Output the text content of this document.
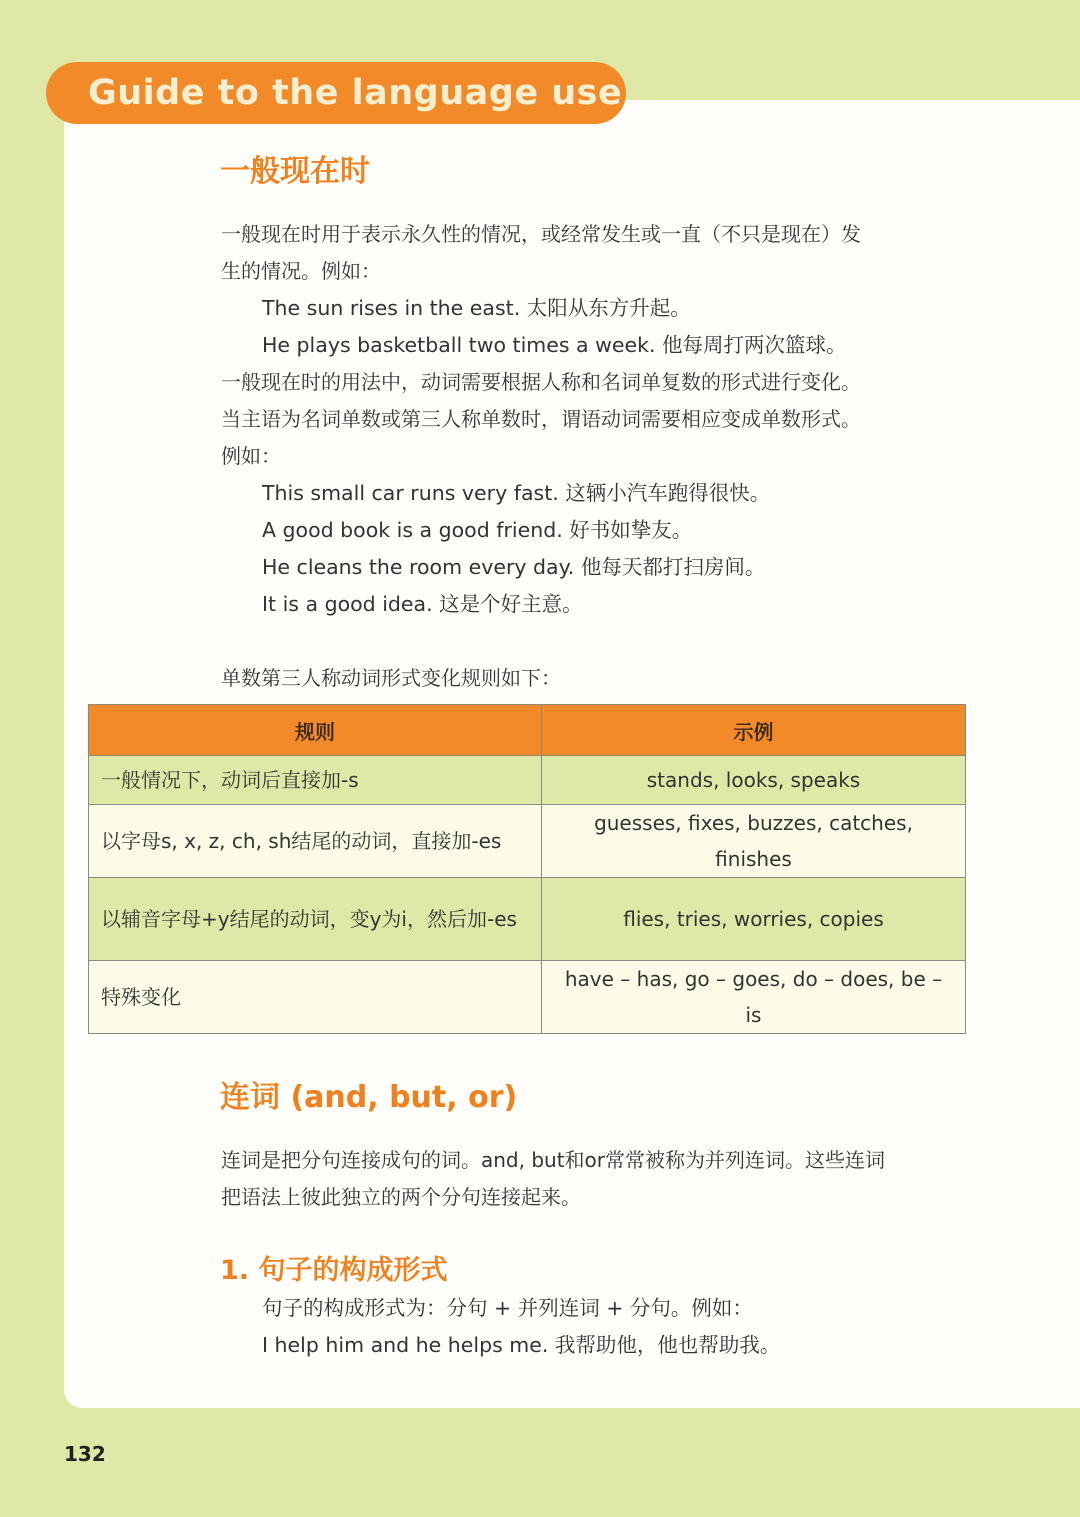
Guide to the language use
一般现在时

一般现在时用于表示永久性的情况，或经常发生或一直（不只是现在）发

生的情况。例如：

The sun rises in the east. 太阳从东方升起。
He plays basketball two times a week. 他每周打两次篮球。

一般现在时的用法中，动词需要根据人称和名词单复数的形式进行变化。

当主语为名词单数或第三人称单数时，谓语动词需要相应变成单数形式。

例如：

This small car runs very fast. 这辆小汽车跑得很快。
A good book is a good friend. 好书如挚友。
He cleans the room every day. 他每天都打扫房间。
It is a good idea. 这是个好主意。

单数第三人称动词形式变化规则如下：

规则	示例
一般情况下，动词后直接加-s	stands, looks, speaks
以字母s, x, z, ch, sh结尾的动词，直接加-es	guesses, fixes, buzzes, catches, finishes
以辅音字母+y结尾的动词，变y为i，然后加-es	flies, tries, worries, copies
特殊变化	have – has, go – goes, do – does, be – is
连词 (and, but, or)

连词是把分句连接成句的词。and, but和or常常被称为并列连词。这些连词

把语法上彼此独立的两个分句连接起来。

1. 句子的构成形式
句子的构成形式为：分句 + 并列连词 + 分句。例如：
I help him and he helps me. 我帮助他，他也帮助我。
132
